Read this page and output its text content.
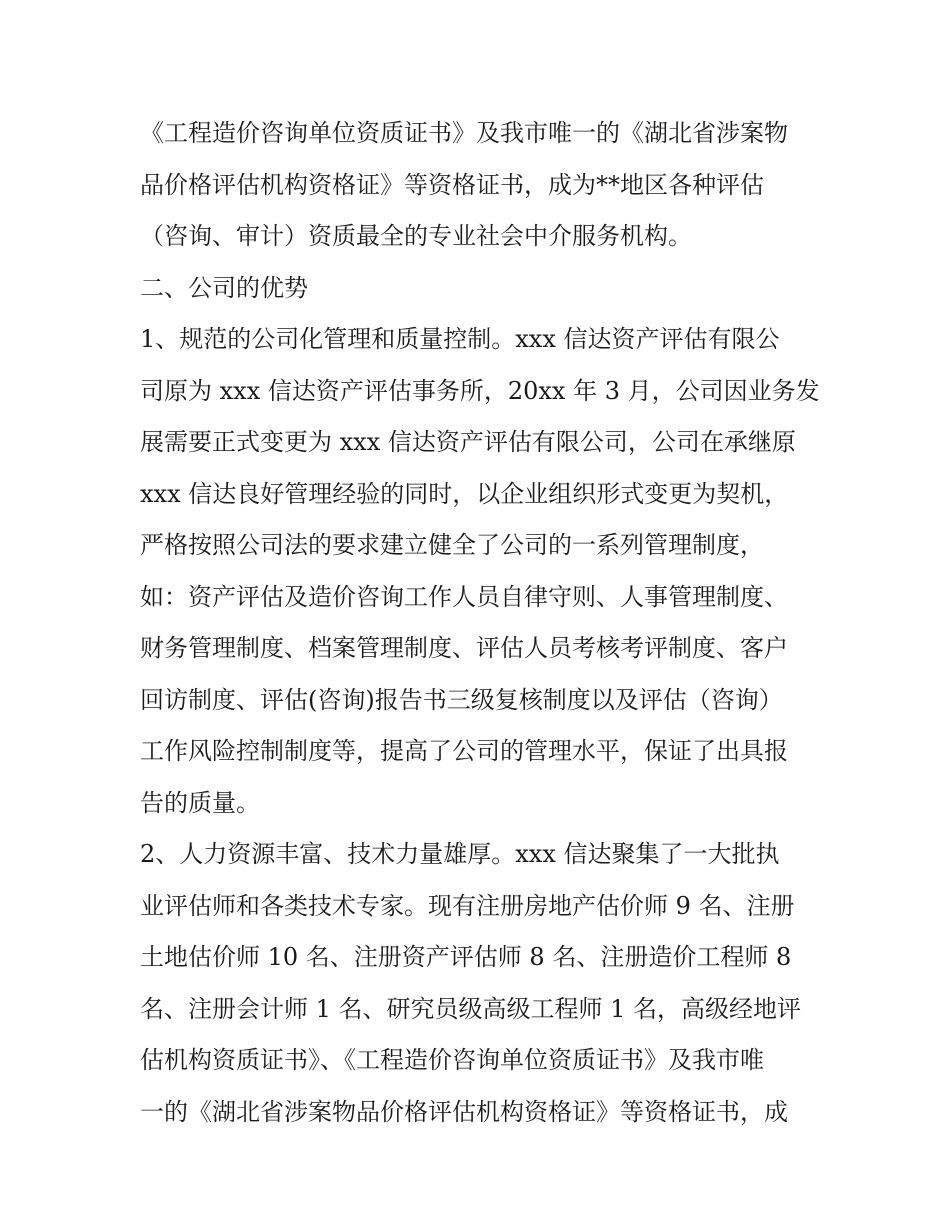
《工程造价咨询单位资质证书》及我市唯一的《湖北省涉案物
品价格评估机构资格证》等资格证书，成为**地区各种评估
（咨询、审计）资质最全的专业社会中介服务机构。
二、公司的优势
1、规范的公司化管理和质量控制。xxx 信达资产评估有限公
司原为 xxx 信达资产评估事务所，20xx 年 3 月，公司因业务发
展需要正式变更为 xxx 信达资产评估有限公司，公司在承继原
xxx 信达良好管理经验的同时，以企业组织形式变更为契机，
严格按照公司法的要求建立健全了公司的一系列管理制度，
如：资产评估及造价咨询工作人员自律守则、人事管理制度、
财务管理制度、档案管理制度、评估人员考核考评制度、客户
回访制度、评估(咨询)报告书三级复核制度以及评估（咨询）
工作风险控制制度等，提高了公司的管理水平，保证了出具报
告的质量。
2、人力资源丰富、技术力量雄厚。xxx 信达聚集了一大批执
业评估师和各类技术专家。现有注册房地产估价师 9 名、注册
土地估价师 10 名、注册资产评估师 8 名、注册造价工程师 8
名、注册会计师 1 名、研究员级高级工程师 1 名，高级经地评
估机构资质证书》、《工程造价咨询单位资质证书》及我市唯
一的《湖北省涉案物品价格评估机构资格证》等资格证书，成
